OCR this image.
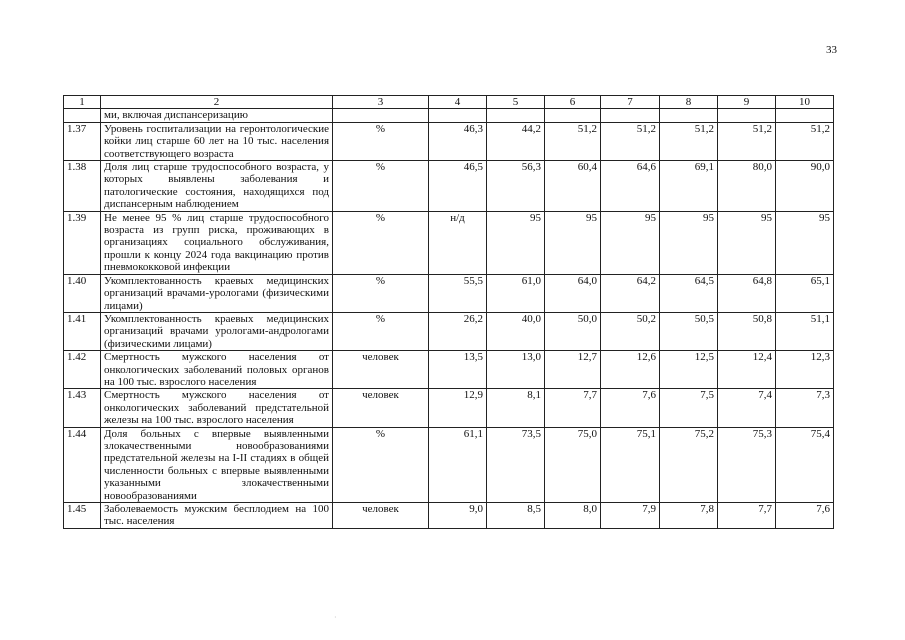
33
1	2	3	4	5	6	7	8	9	10
	ми, включая диспансеризацию								
1.37	Уровень госпитализации на геронтологические койки лиц старше 60 лет на 10 тыс. населения соответствующего возраста	%	46,3	44,2	51,2	51,2	51,2	51,2	51,2
1.38	Доля лиц старше трудоспособного возраста, у которых выявлены заболевания и патологические состояния, находящихся под диспансерным наблюдением	%	46,5	56,3	60,4	64,6	69,1	80,0	90,0
1.39	Не менее 95 % лиц старше трудоспособного возраста из групп риска, проживающих в организациях социального обслуживания, прошли к концу 2024 года вакцинацию против пневмококковой инфекции	%	н/д	95	95	95	95	95	95
1.40	Укомплектованность краевых медицинских организаций врачами-урологами (физическими лицами)	%	55,5	61,0	64,0	64,2	64,5	64,8	65,1
1.41	Укомплектованность краевых медицинских организаций врачами урологами-андрологами (физическими лицами)	%	26,2	40,0	50,0	50,2	50,5	50,8	51,1
1.42	Смертность мужского населения от онкологических заболеваний половых органов на 100 тыс. взрослого населения	человек	13,5	13,0	12,7	12,6	12,5	12,4	12,3
1.43	Смертность мужского населения от онкологических заболеваний предстательной железы на 100 тыс. взрослого населения	человек	12,9	8,1	7,7	7,6	7,5	7,4	7,3
1.44	Доля больных с впервые выявленными злокачественными новообразованиями предстательной железы на I-II стадиях в общей численности больных с впервые выявленными указанными злокачественными новообразованиями	%	61,1	73,5	75,0	75,1	75,2	75,3	75,4
1.45	Заболеваемость мужским бесплодием на 100 тыс. населения	человек	9,0	8,5	8,0	7,9	7,8	7,7	7,6
·
